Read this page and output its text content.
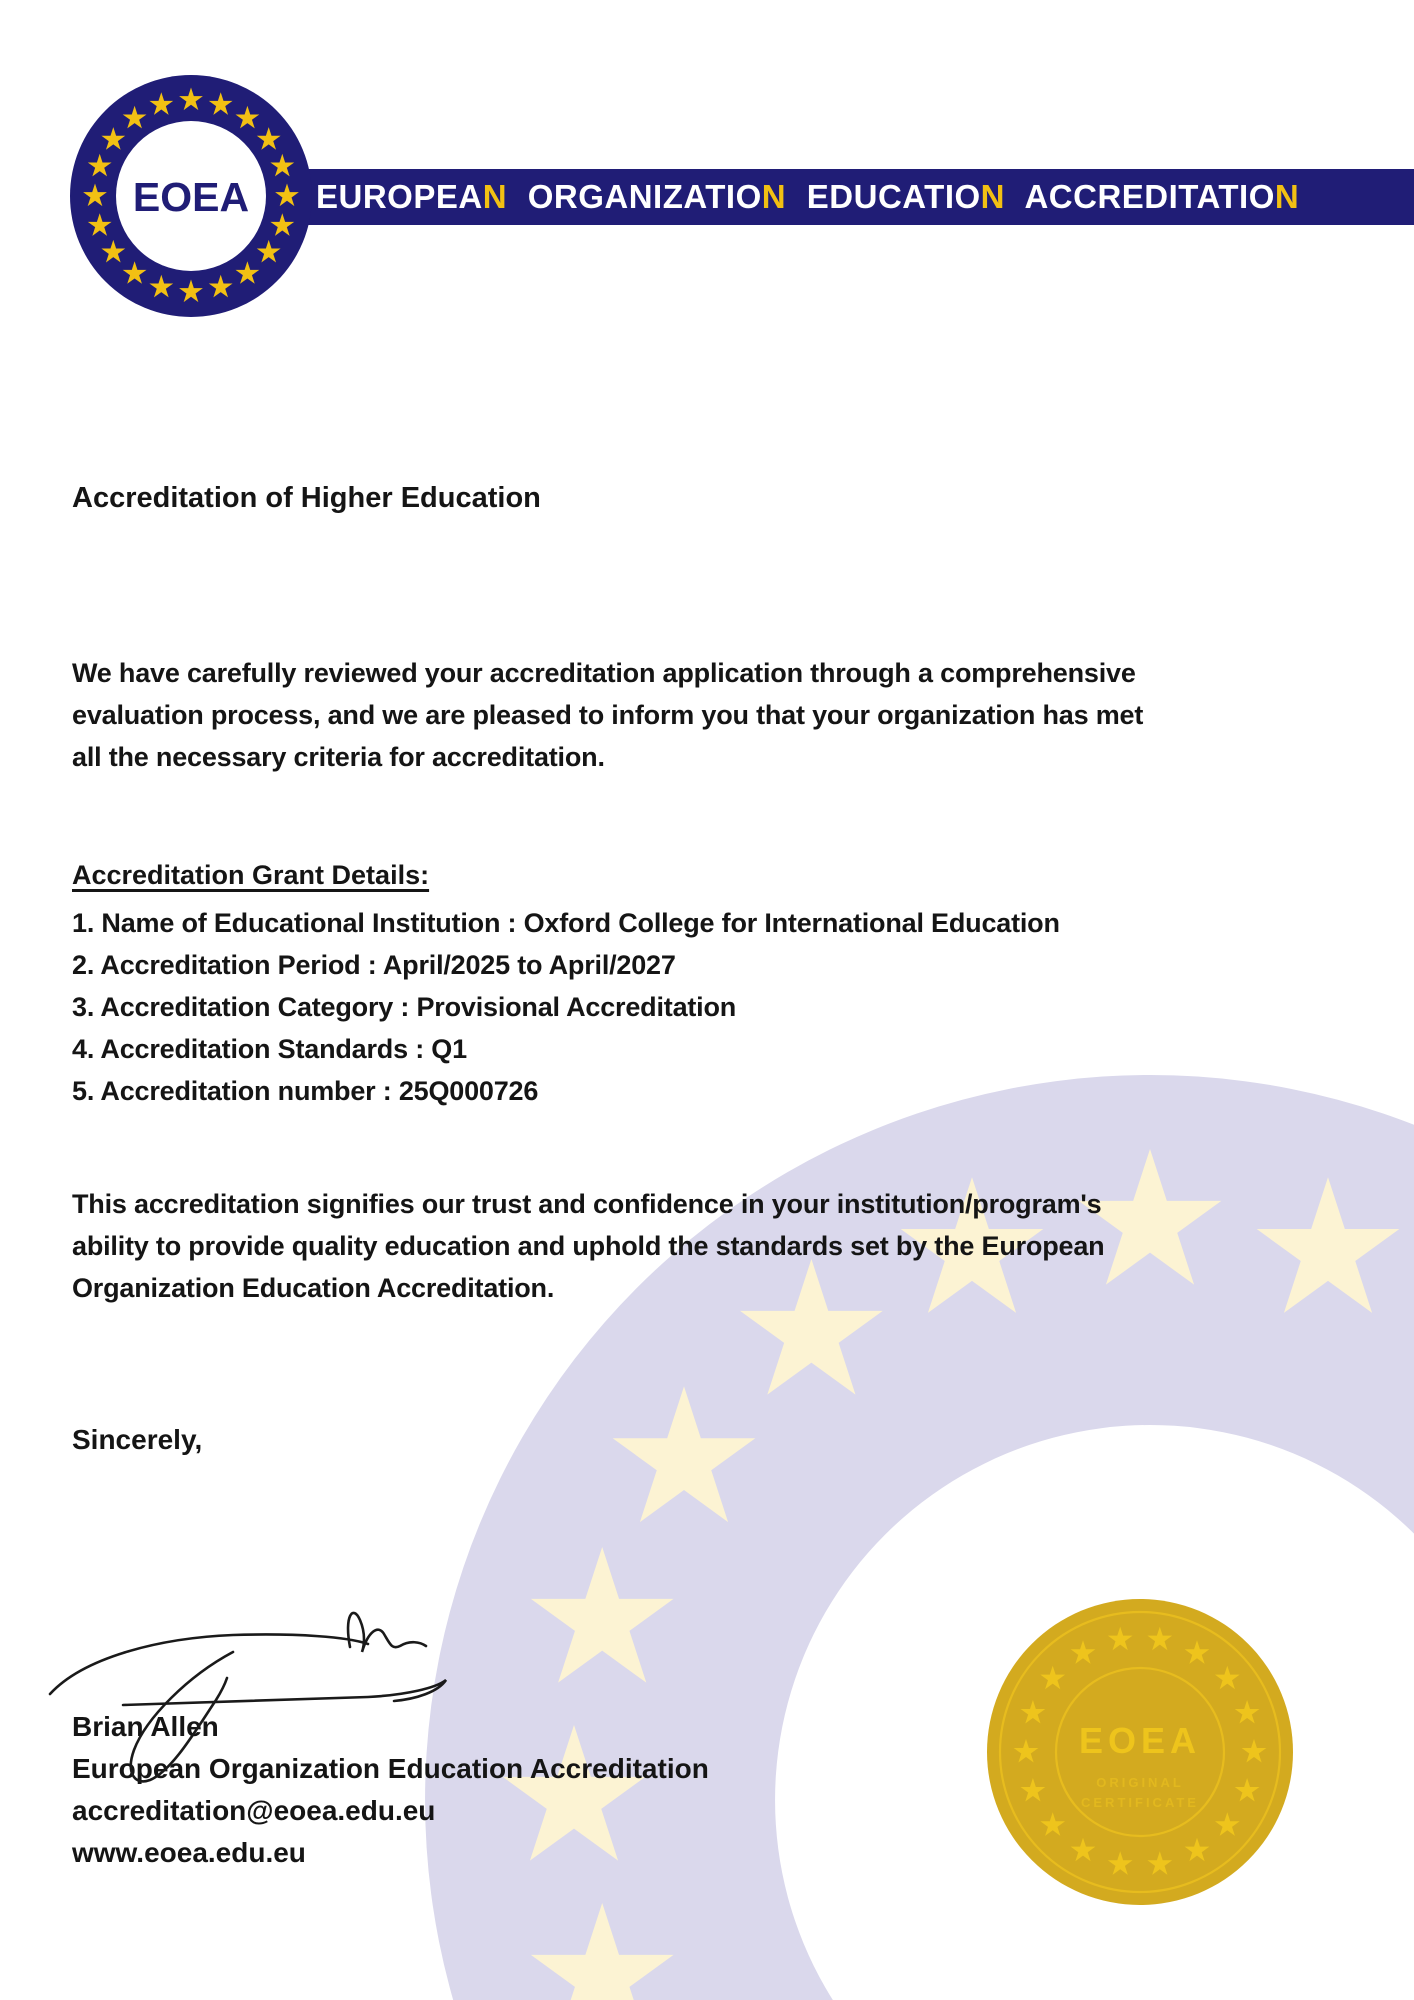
EUROPEAN ORGANIZATION EDUCATION ACCREDITATION
EOEA
Accreditation of Higher Education
We have carefully reviewed your accreditation application through a comprehensive
evaluation process, and we are pleased to inform you that your organization has met
all the necessary criteria for accreditation.
Accreditation Grant Details:
1. Name of Educational Institution : Oxford College for International Education
2. Accreditation Period : April/2025 to April/2027
3. Accreditation Category : Provisional Accreditation
4. Accreditation Standards : Q1
5. Accreditation number : 25Q000726
This accreditation signifies our trust and confidence in your institution/program's
ability to provide quality education and uphold the standards set by the European
Organization Education Accreditation.
Sincerely,
Brian Allen
European Organization Education Accreditation
accreditation@eoea.edu.eu
www.eoea.edu.eu
EOEA
ORIGINAL
CERTIFICATE
